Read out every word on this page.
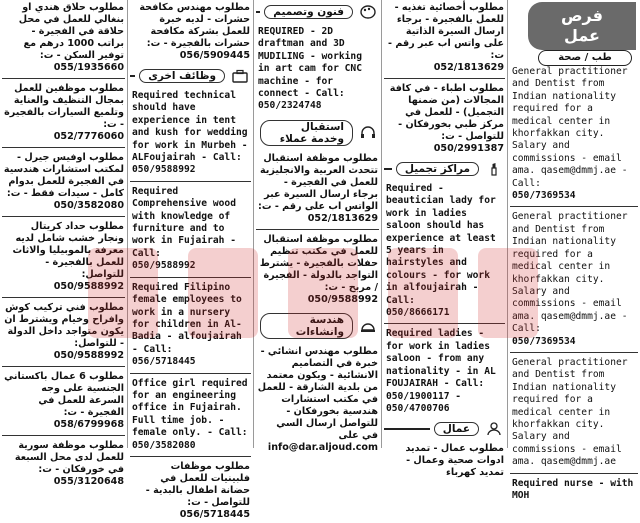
مطلوب حلاق هندي او بنغالي للعمل في محل حلاقة في الفجيرة - براتب 1000 درهم مع توفير السكن - ت:
055/1935660
مطلوب موظفين للعمل بمجال التنظيف والعناية وتلميع السيارات بالفجيرة - ت:
052/7776060
مطلوب اوفيس جيرل - لمكتب استشارات هندسية في الفجيرة للعمل بدوام كامل - سيدات فقط - ت:
050/3582080
مطلوب حداد كريتال ونجار خشب شامل لديه معرفة بالموبيليا والاثاث للعمل بالفجيرة - للتواصل:
050/9588992
مطلوب فني تركيب كوش وافراح وخيام ويشترط ان يكون متواجد داخل الدولة - للتواصل:
050/9588992
مطلوب 6 عمال باكستاني الجنسية على وجه السرعة للعمل في الفجيرة - ت:
058/6799968
مطلوب موظفة سورية للعمل لدى محل السبعة في خورفكان - ت:
055/3120648
مطلوب مهندس مكافحة حشرات - لديه خبرة للعمل بشركة مكافحة حشرات بالفجيرة - ت:
056/5909445
وظائف اخرى
Required technical should have experience in tent and kush for wedding for work in Murbeh - ALFoujairah - Call:
050/9588992
Required Comprehensive wood with knowledge of furniture and to work in Fujairah - Call:
050/9588992
Required Filipino female employees to work in a nursery for children in Al-Badia - alfoujairah - Call:
056/5718445
Office girl required for an engineering office in Fujairah. Full time job. - female only. - Call:
050/3582080
مطلوب موظفات فلبينيات للعمل في حضانة اطفال بالبدية - للتواصل - ت:
056/5718445
فنون وتصميم
REQUIRED - 2D draftman and 3D MUDILING - working in art cam for CNC machine - for connect - Call:
050/2324748
استقبال وخدمة عملاء
مطلوب موظفة استقبال تتحدث العربية والانجليزية للعمل في الفجيرة - برجاء ارسال السيرة عبر الواتس اب على رقم - ت:
052/1813629
مطلوب موظفة استقبال للعمل في مكتب تنظيم حفلات بالفجيرة - يشترط التواجد بالدولة - الفجيرة / مربح - ت:
050/9588992
هندسة وانشاءات
مطلوب مهندس انشائي - خبرة في التصاميم الانشائية - ويكون معتمد من بلدية الشارقة - للعمل في مكتب استشارات هندسية بخورفكان - للتواصل ارسال السي في على
info@dar.aljoud.com
مطلوب أخصائية تغذيه - للعمل بالفجيرة - برجاء ارسال السيرة الذاتية على واتس اب عبر رقم - ت:
052/1813629
مطلوب اطباء - في كافة المجالات (من ضمنها التجميل) - للعمل في مركز طبي بخورفكان - للتواصل - ت:
050/2991387
مراكز تجميل
Required - beautician lady for work in ladies saloon should has experience at least 5 years in hairstyles and colours - for work in alfoujairah - Call:
050/8666171
Required ladies - for work in ladies saloon - from any nationality - in AL FOUJAIRAH - Call: 050/1900117 -
050/4700706
عمال
مطلوب عمال - تمديد ادوات صحية وعمال - تمديد كهرباء
فرص
عمل
طب / صحة
General practitioner and Dentist from Indian nationality required for a medical center in khorfakkan city. Salary and commissions - email ama. qasem@dmmj.ae - Call:
050/7369534
General practitioner and Dentist from Indian nationality required for a medical center in khorfakkan city. Salary and commissions - email ama. qasem@dmmj.ae - Call:
050/7369534
General practitioner and Dentist from Indian nationality required for a medical center in khorfakkan city. Salary and commissions - email ama. qasem@dmmj.ae
Required nurse - with MOH
